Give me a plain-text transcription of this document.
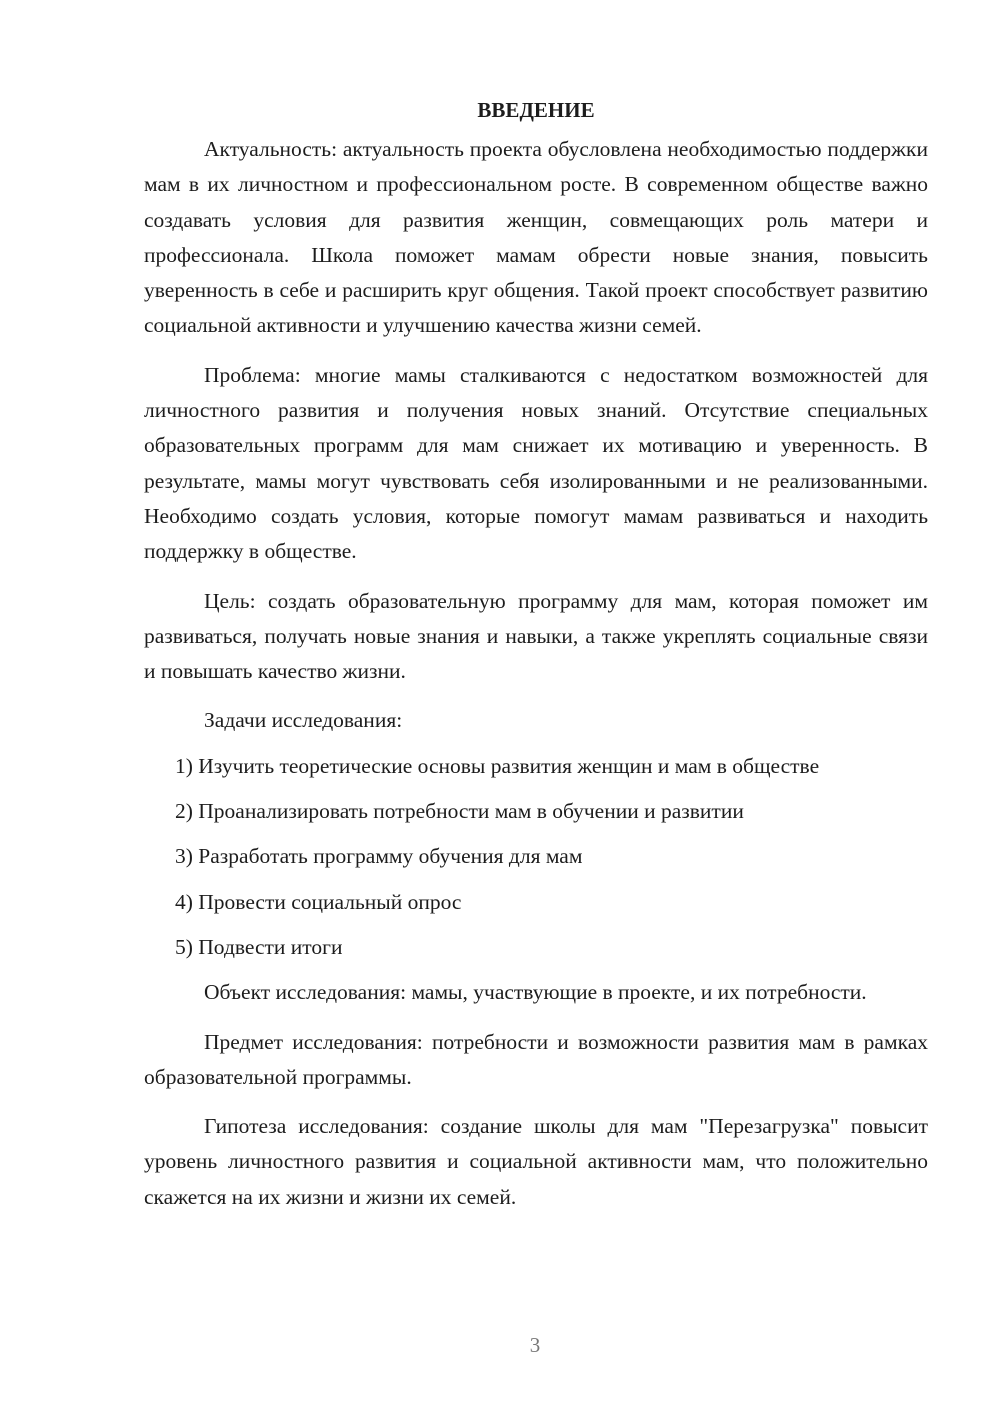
ВВЕДЕНИЕ

Актуальность: актуальность проекта обусловлена необходимостью поддержки мам в их личностном и профессиональном росте. В современном обществе важно создавать условия для развития женщин, совмещающих роль матери и профессионала. Школа поможет мамам обрести новые знания, повысить уверенность в себе и расширить круг общения. Такой проект способствует развитию социальной активности и улучшению качества жизни семей.

Проблема: многие мамы сталкиваются с недостатком возможностей для личностного развития и получения новых знаний. Отсутствие специальных образовательных программ для мам снижает их мотивацию и уверенность. В результате, мамы могут чувствовать себя изолированными и не реализованными. Необходимо создать условия, которые помогут мамам развиваться и находить поддержку в обществе.

Цель: создать образовательную программу для мам, которая поможет им развиваться, получать новые знания и навыки, а также укреплять социальные связи и повышать качество жизни.

Задачи исследования:

1) Изучить теоретические основы развития женщин и мам в обществе
2) Проанализировать потребности мам в обучении и развитии
3) Разработать программу обучения для мам
4) Провести социальный опрос
5) Подвести итоги

Объект исследования: мамы, участвующие в проекте, и их потребности.

Предмет исследования: потребности и возможности развития мам в рамках образовательной программы.

Гипотеза исследования: создание школы для мам "Перезагрузка" повысит уровень личностного развития и социальной активности мам, что положительно скажется на их жизни и жизни их семей.

3
